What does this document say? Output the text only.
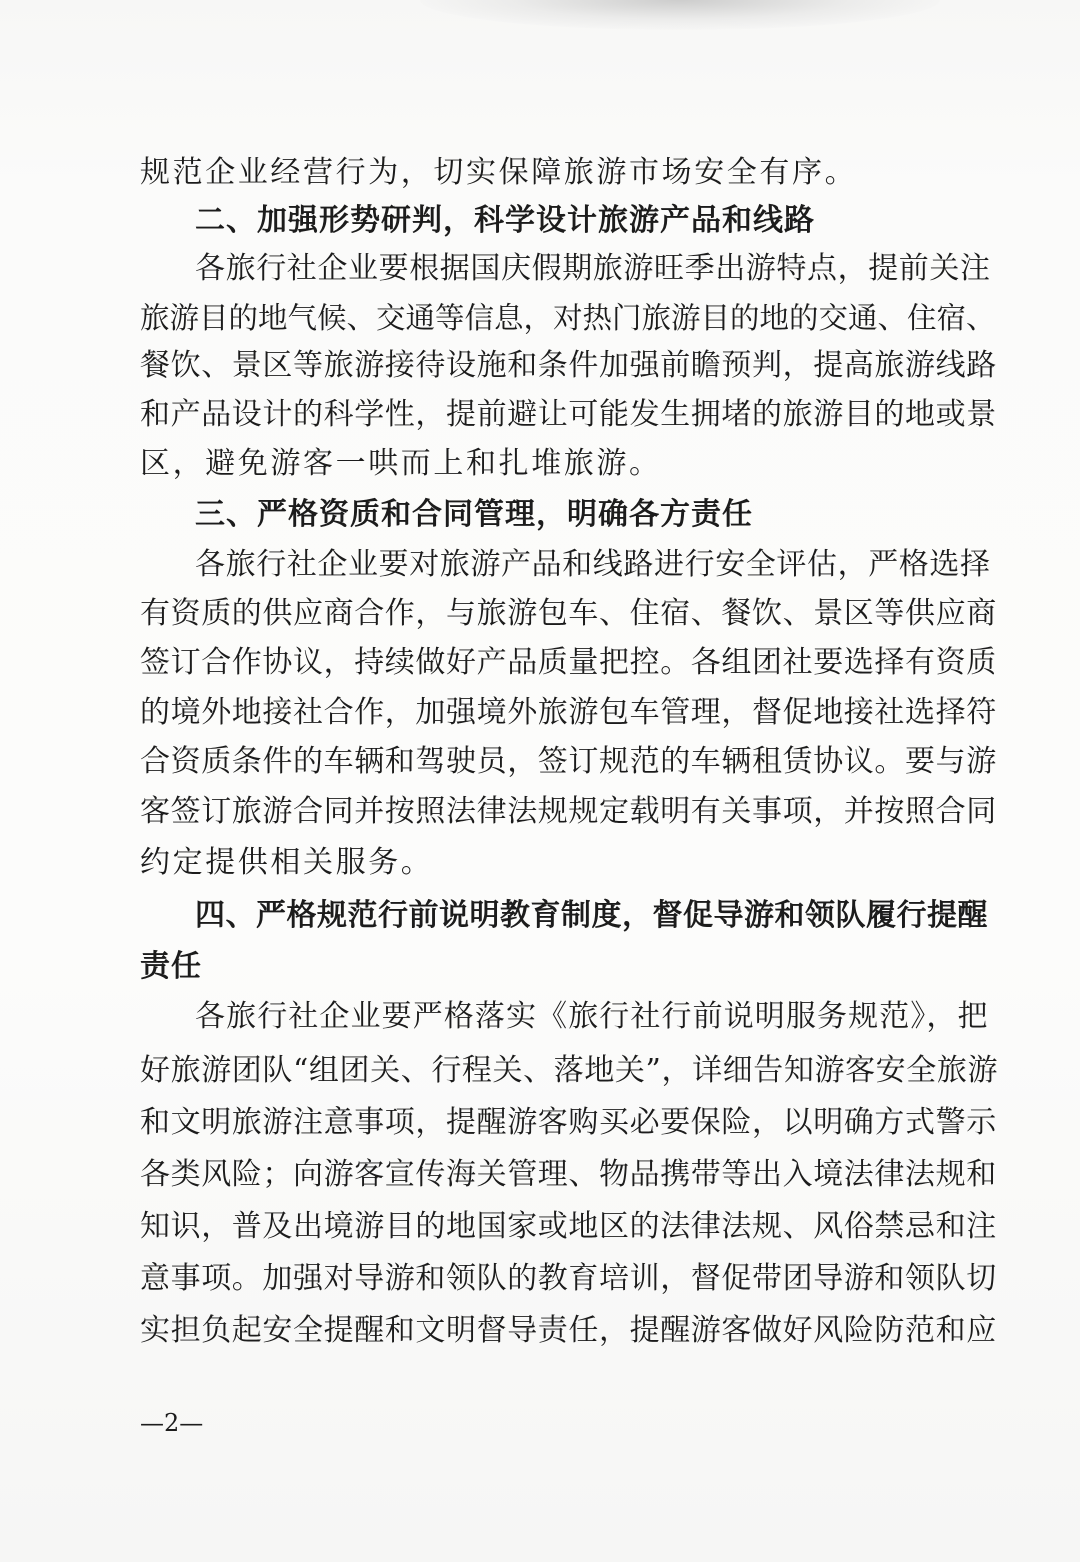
规范企业经营行为，切实保障旅游市场安全有序。
二、加强形势研判，科学设计旅游产品和线路
各旅行社企业要根据国庆假期旅游旺季出游特点，提前关注
旅游目的地气候、交通等信息，对热门旅游目的地的交通、住宿、
餐饮、景区等旅游接待设施和条件加强前瞻预判，提高旅游线路
和产品设计的科学性，提前避让可能发生拥堵的旅游目的地或景
区，避免游客一哄而上和扎堆旅游。
三、严格资质和合同管理，明确各方责任
各旅行社企业要对旅游产品和线路进行安全评估，严格选择
有资质的供应商合作，与旅游包车、住宿、餐饮、景区等供应商
签订合作协议，持续做好产品质量把控。各组团社要选择有资质
的境外地接社合作，加强境外旅游包车管理，督促地接社选择符
合资质条件的车辆和驾驶员，签订规范的车辆租赁协议。要与游
客签订旅游合同并按照法律法规规定载明有关事项，并按照合同
约定提供相关服务。
四、严格规范行前说明教育制度，督促导游和领队履行提醒
责任
各旅行社企业要严格落实《旅行社行前说明服务规范》，把
好旅游团队“组团关、行程关、落地关”，详细告知游客安全旅游
和文明旅游注意事项，提醒游客购买必要保险，以明确方式警示
各类风险；向游客宣传海关管理、物品携带等出入境法律法规和
知识，普及出境游目的地国家或地区的法律法规、风俗禁忌和注
意事项。加强对导游和领队的教育培训，督促带团导游和领队切
实担负起安全提醒和文明督导责任，提醒游客做好风险防范和应
—2—
